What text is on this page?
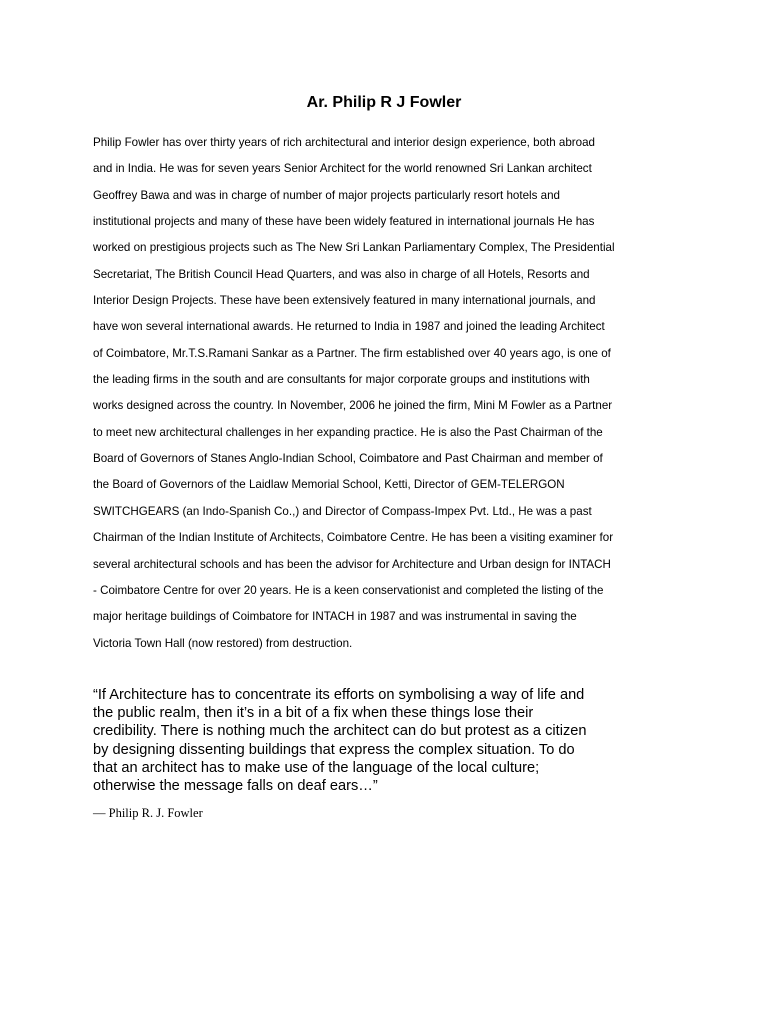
Ar. Philip R J Fowler
Philip Fowler has over thirty years of rich architectural and interior design experience, both abroad
and in India. He was for seven years Senior Architect for the world renowned Sri Lankan architect
Geoffrey Bawa and was in charge of number of major projects particularly resort hotels and
institutional projects and many of these have been widely featured in international journals He has
worked on prestigious projects such as The New Sri Lankan Parliamentary Complex, The Presidential
Secretariat, The British Council Head Quarters, and was also in charge of all Hotels, Resorts and
Interior Design Projects. These have been extensively featured in many international journals, and
have won several international awards. He returned to India in 1987 and joined the leading Architect
of Coimbatore, Mr.T.S.Ramani Sankar as a Partner. The firm established over 40 years ago, is one of
the leading firms in the south and are consultants for major corporate groups and institutions with
works designed across the country. In November, 2006 he joined the firm, Mini M Fowler as a Partner
to meet new architectural challenges in her expanding practice. He is also the Past Chairman of the
Board of Governors of Stanes Anglo-Indian School, Coimbatore and Past Chairman and member of
the Board of Governors of the Laidlaw Memorial School, Ketti, Director of GEM-TELERGON
SWITCHGEARS (an Indo-Spanish Co.,) and Director of Compass-Impex Pvt. Ltd., He was a past
Chairman of the Indian Institute of Architects, Coimbatore Centre. He has been a visiting examiner for
several architectural schools and has been the advisor for Architecture and Urban design for INTACH
- Coimbatore Centre for over 20 years. He is a keen conservationist and completed the listing of the
major heritage buildings of Coimbatore for INTACH in 1987 and was instrumental in saving the
Victoria Town Hall (now restored) from destruction.
“If Architecture has to concentrate its efforts on symbolising a way of life and
the public realm, then it’s in a bit of a fix when these things lose their
credibility. There is nothing much the architect can do but protest as a citizen
by designing dissenting buildings that express the complex situation. To do
that an architect has to make use of the language of the local culture;
otherwise the message falls on deaf ears…”

— Philip R. J. Fowler
